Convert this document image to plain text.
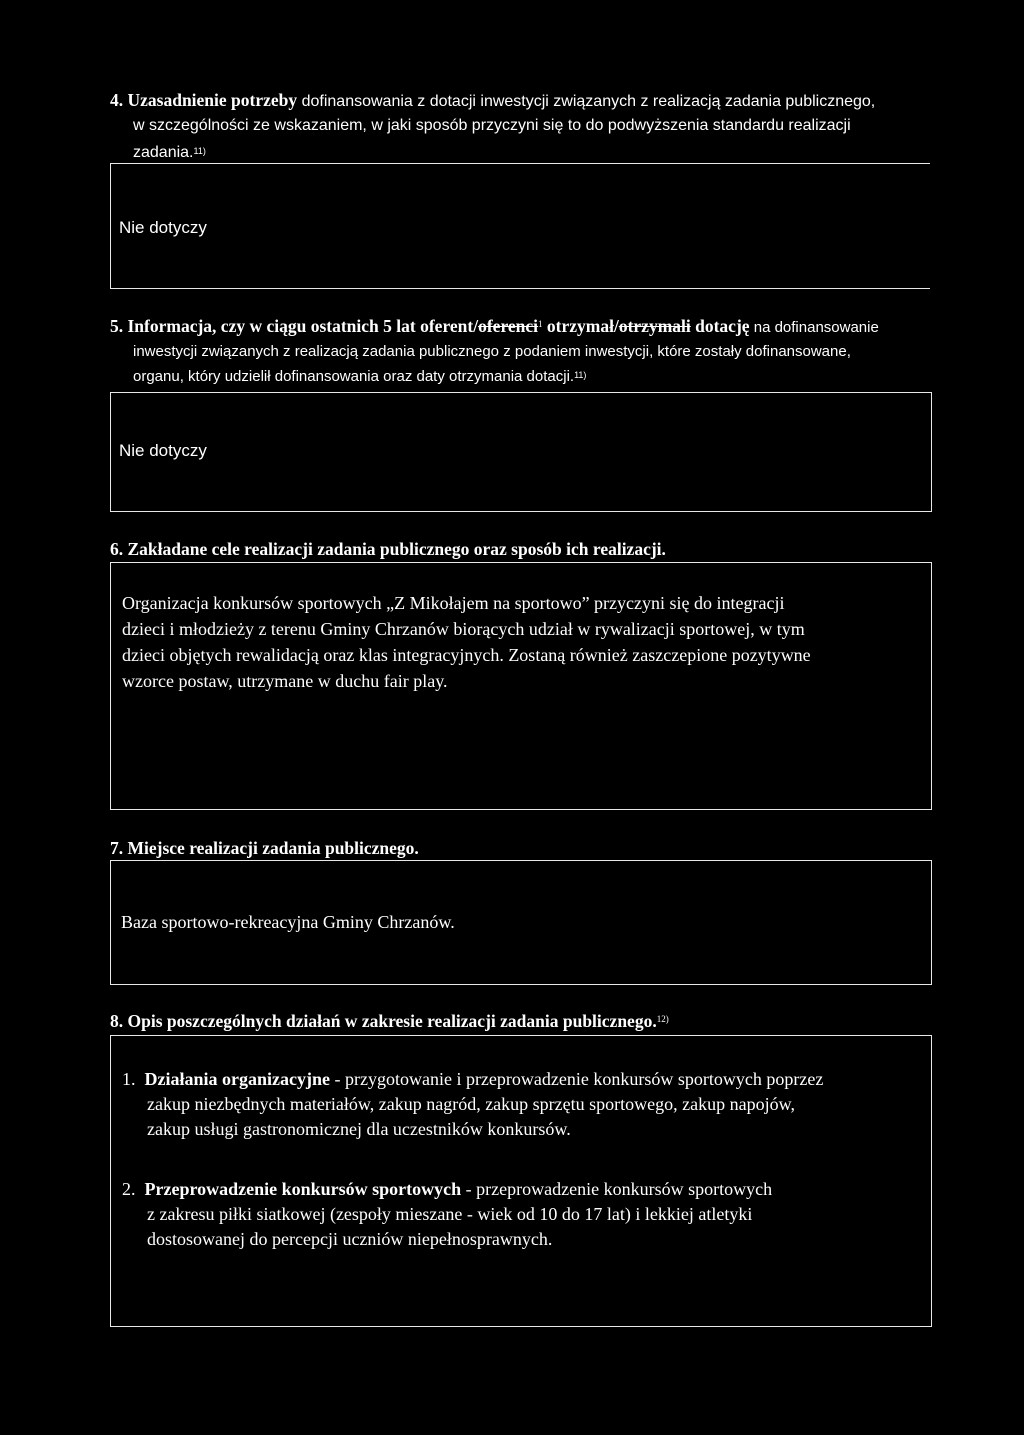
4. Uzasadnienie potrzeby dofinansowania z dotacji inwestycji związanych z realizacją zadania publicznego,
w szczególności ze wskazaniem, w jaki sposób przyczyni się to do podwyższenia standardu realizacji
zadania.$^{11)}$
Nie dotyczy
5. Informacja, czy w ciągu ostatnich 5 lat oferent/oferenci$^1$ otrzymał/otrzymali dotację na dofinansowanie
inwestycji związanych z realizacją zadania publicznego z podaniem inwestycji, które zostały dofinansowane,
organu, który udzielił dofinansowania oraz daty otrzymania dotacji.$^{11)}$
Nie dotyczy
6. Zakładane cele realizacji zadania publicznego oraz sposób ich realizacji.
Organizacja konkursów sportowych „Z Mikołajem na sportowo” przyczyni się do integracji
dzieci i młodzieży z terenu Gminy Chrzanów biorących udział w rywalizacji sportowej, w tym
dzieci objętych rewalidacją oraz klas integracyjnych. Zostaną również zaszczepione pozytywne
wzorce postaw, utrzymane w duchu fair play.
7. Miejsce realizacji zadania publicznego.
Baza sportowo-rekreacyjna Gminy Chrzanów.
8. Opis poszczególnych działań w zakresie realizacji zadania publicznego.$^{12)}$
1. Działania organizacyjne - przygotowanie i przeprowadzenie konkursów sportowych poprzez
zakup niezbędnych materiałów, zakup nagród, zakup sprzętu sportowego, zakup napojów,
zakup usługi gastronomicznej dla uczestników konkursów.
2. Przeprowadzenie konkursów sportowych - przeprowadzenie konkursów sportowych
z zakresu piłki siatkowej (zespoły mieszane - wiek od 10 do 17 lat) i lekkiej atletyki
dostosowanej do percepcji uczniów niepełnosprawnych.
